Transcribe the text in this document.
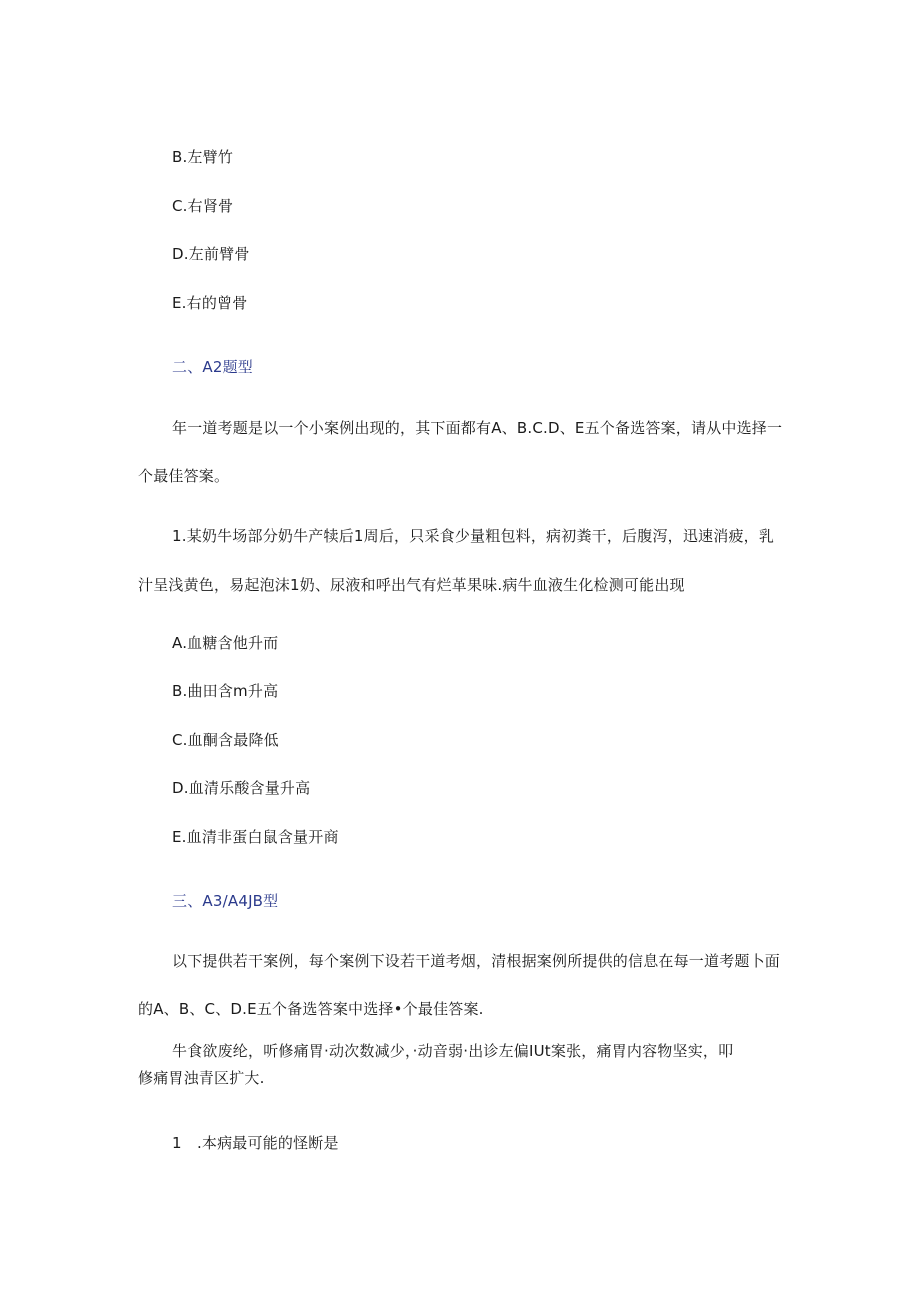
B.左臂竹
C.右肾骨
D.左前臂骨
E.右的曾骨
二、A2题型
年一道考题是以一个小案例出现的，其下面都有A、B.C.D、E五个备选答案，请从中选择一
个最佳答案。
1.某奶牛场部分奶牛产犊后1周后，只采食少量粗包料，病初粪干，后腹泻，迅速消疲，乳
汁呈浅黄色，易起泡沫1奶、尿液和呼出气有烂革果味.病牛血液生化检测可能出现
A.血糖含他升而
B.曲田含m升高
C.血酮含最降低
D.血清乐酸含量升高
E.血清非蛋白鼠含量开商
三、A3/A4JB型
以下提供若干案例，每个案例下设若干道考烟，清根据案例所提供的信息在每一道考题卜面
的A、B、C、D.E五个备选答案中选择•个最佳答案.
牛食欲废纶，听修痛胃·动次数减少，·动音弱·出诊左偏IUt案张，痛胃内容物坚实，叩
修痛胃浊青区扩大.
1　.本病最可能的怪断是
